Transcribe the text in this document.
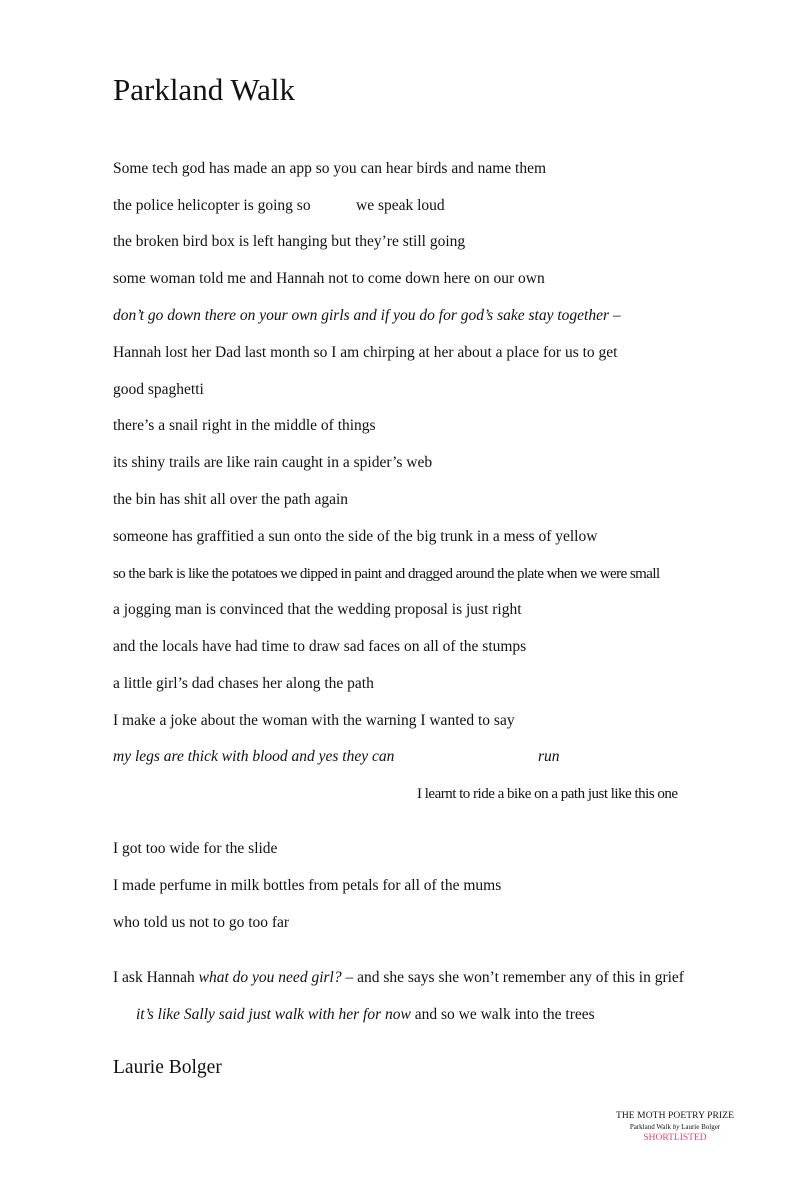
Parkland Walk
Some tech god has made an app so you can hear birds and name them
the police helicopter is going so	we speak loud
the broken bird box is left hanging but they’re still going
some woman told me and Hannah not to come down here on our own
don’t go down there on your own girls and if you do for god’s sake stay together –
Hannah lost her Dad last month so I am chirping at her about a place for us to get
good spaghetti
there’s a snail right in the middle of things
its shiny trails are like rain caught in a spider’s web
the bin has shit all over the path again
someone has graffitied a sun onto the side of the big trunk in a mess of yellow
so the bark is like the potatoes we dipped in paint and dragged around the plate when we were small
a jogging man is convinced that the wedding proposal is just right
and the locals have had time to draw sad faces on all of the stumps
a little girl’s dad chases her along the path
I make a joke about the woman with the warning I wanted to say
my legs are thick with blood and yes they can	run
I learnt to ride a bike on a path just like this one
I got too wide for the slide
I made perfume in milk bottles from petals for all of the mums
who told us not to go too far
I ask Hannah what do you need girl? – and she says she won’t remember any of this in grief
it’s like Sally said just walk with her for now and so we walk into the trees
Laurie Bolger
THE MOTH POETRY PRIZE
Parkland Walk by Laurie Bolger
SHORTLISTED
